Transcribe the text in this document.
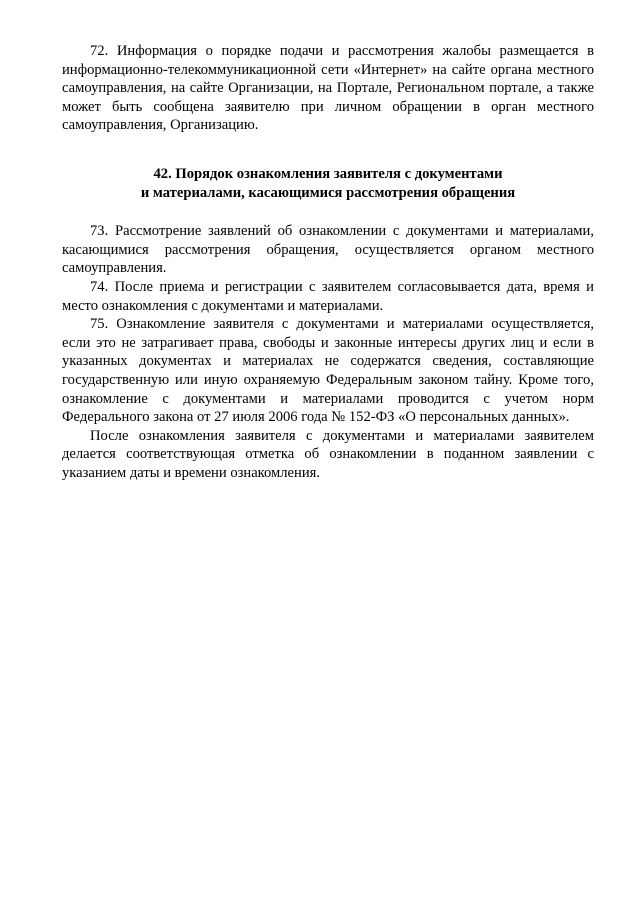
72. Информация о порядке подачи и рассмотрения жалобы размещается в информационно-телекоммуникационной сети «Интернет» на сайте органа местного самоуправления, на сайте Организации, на Портале, Региональном портале, а также может быть сообщена заявителю при личном обращении в орган местного самоуправления, Организацию.

42. Порядок ознакомления заявителя с документами
и материалами, касающимися рассмотрения обращения

73. Рассмотрение заявлений об ознакомлении с документами и материалами, касающимися рассмотрения обращения, осуществляется органом местного самоуправления.

74. После приема и регистрации с заявителем согласовывается дата, время и место ознакомления с документами и материалами.

75. Ознакомление заявителя с документами и материалами осуществляется, если это не затрагивает права, свободы и законные интересы других лиц и если в указанных документах и материалах не содержатся сведения, составляющие государственную или иную охраняемую Федеральным законом тайну. Кроме того, ознакомление с документами и материалами проводится с учетом норм Федерального закона от 27 июля 2006 года № 152-ФЗ «О персональных данных».

После ознакомления заявителя с документами и материалами заявителем делается соответствующая отметка об ознакомлении в поданном заявлении с указанием даты и времени ознакомления.
